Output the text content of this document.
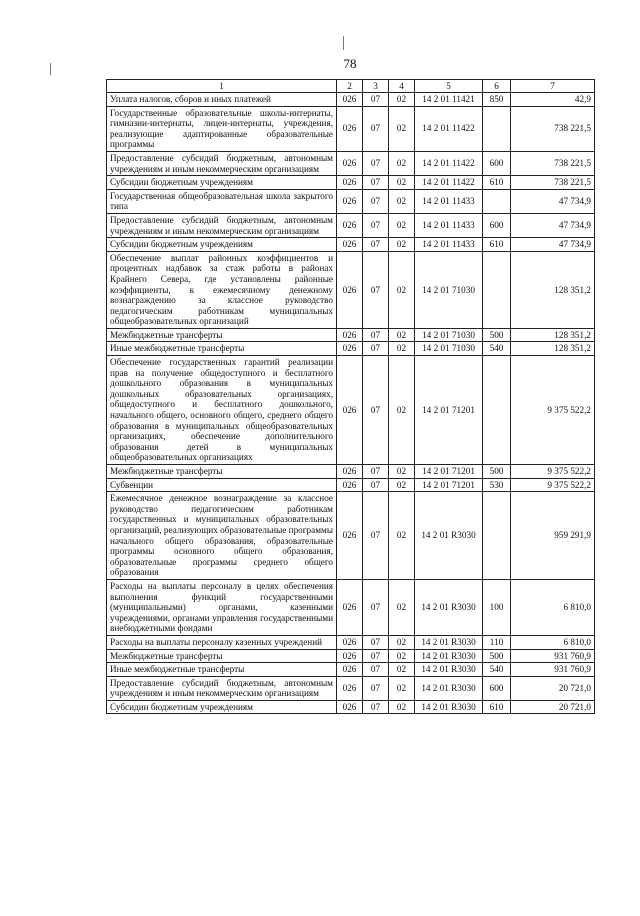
78
1	2	3	4	5	6	7
Уплата налогов, сборов и иных платежей	026	07	02	14 2 01 11421	850	42,9
Государственные образовательные школы-интернаты, гимназии-интернаты, лицеи-интернаты, учреждения, реализующие адаптированные образовательные программы	026	07	02	14 2 01 11422		738 221,5
Предоставление субсидий бюджетным, автономным учреждениям и иным некоммерческим организациям	026	07	02	14 2 01 11422	600	738 221,5
Субсидии бюджетным учреждениям	026	07	02	14 2 01 11422	610	738 221,5
Государственная общеобразовательная школа закрытого типа	026	07	02	14 2 01 11433		47 734,9
Предоставление субсидий бюджетным, автономным учреждениям и иным некоммерческим организациям	026	07	02	14 2 01 11433	600	47 734,9
Субсидии бюджетным учреждениям	026	07	02	14 2 01 11433	610	47 734,9
Обеспечение выплат районных коэффициентов и процентных надбавок за стаж работы в районах Крайнего Севера, где установлены районные коэффициенты, к ежемесячному денежному вознаграждению за классное руководство педагогическим работникам муниципальных общеобразовательных организаций	026	07	02	14 2 01 71030		128 351,2
Межбюджетные трансферты	026	07	02	14 2 01 71030	500	128 351,2
Иные межбюджетные трансферты	026	07	02	14 2 01 71030	540	128 351,2
Обеспечение государственных гарантий реализации прав на получение общедоступного и бесплатного дошкольного образования в муниципальных дошкольных образовательных организациях, общедоступного и бесплатного дошкольного, начального общего, основного общего, среднего общего образования в муниципальных общеобразовательных организациях, обеспечение дополнительного образования детей в муниципальных общеобразовательных организациях	026	07	02	14 2 01 71201		9 375 522,2
Межбюджетные трансферты	026	07	02	14 2 01 71201	500	9 375 522,2
Субвенции	026	07	02	14 2 01 71201	530	9 375 522,2
Ежемесячное денежное вознаграждение за классное руководство педагогическим работникам государственных и муниципальных образовательных организаций, реализующих образовательные программы начального общего образования, образовательные программы основного общего образования, образовательные программы среднего общего образования	026	07	02	14 2 01 R3030		959 291,9
Расходы на выплаты персоналу в целях обеспечения выполнения функций государственными (муниципальными) органами, казенными учреждениями, органами управления государственными внебюджетными фондами	026	07	02	14 2 01 R3030	100	6 810,0
Расходы на выплаты персоналу казенных учреждений	026	07	02	14 2 01 R3030	110	6 810,0
Межбюджетные трансферты	026	07	02	14 2 01 R3030	500	931 760,9
Иные межбюджетные трансферты	026	07	02	14 2 01 R3030	540	931 760,9
Предоставление субсидий бюджетным, автономным учреждениям и иным некоммерческим организациям	026	07	02	14 2 01 R3030	600	20 721,0
Субсидии бюджетным учреждениям	026	07	02	14 2 01 R3030	610	20 721,0
